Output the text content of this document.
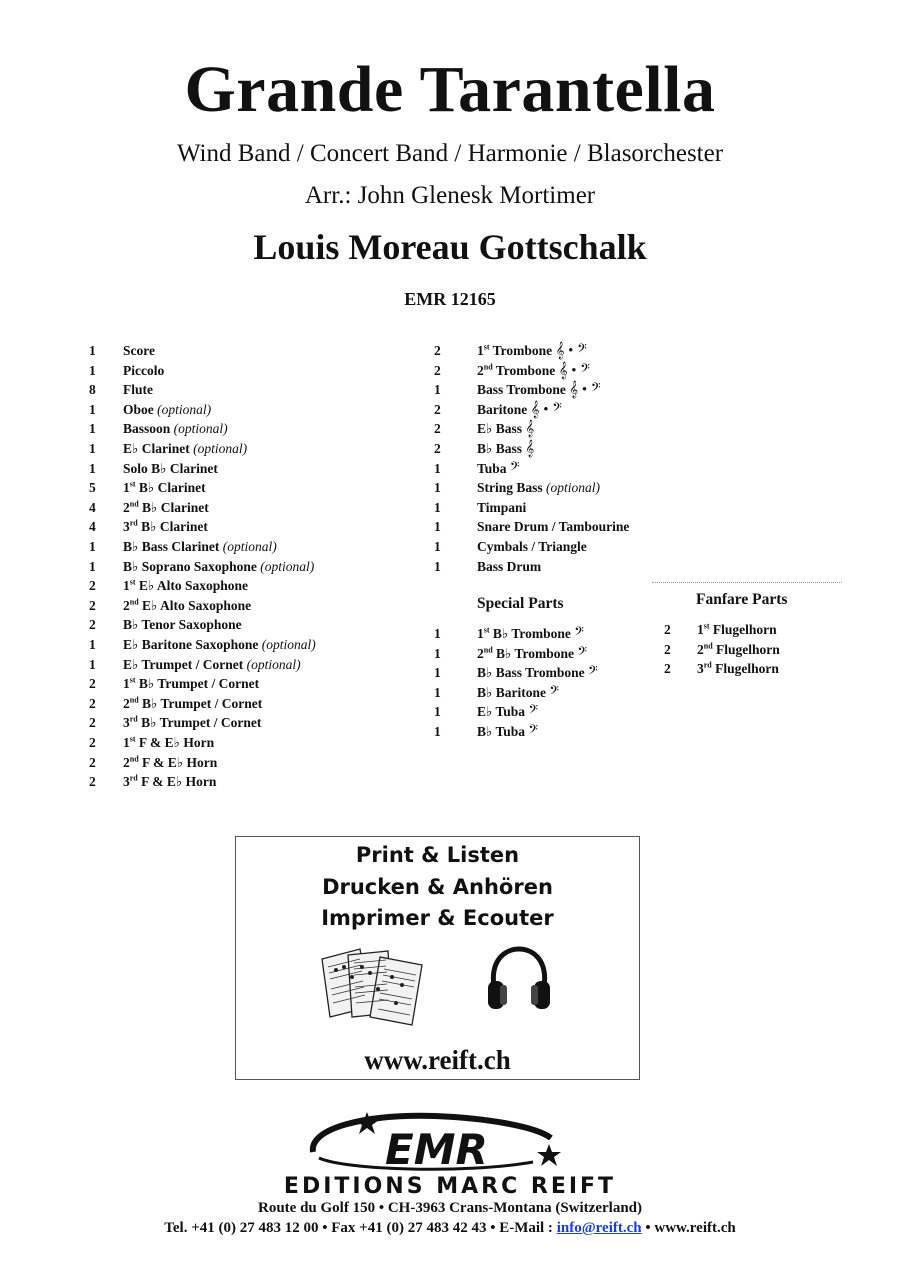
Grande Tarantella
Wind Band / Concert Band / Harmonie / Blasorchester
Arr.: John Glenesk Mortimer
Louis Moreau Gottschalk
EMR 12165
1 Score
1 Piccolo
8 Flute
1 Oboe (optional)
1 Bassoon (optional)
1 E♭ Clarinet (optional)
1 Solo B♭ Clarinet
5 1st B♭ Clarinet
4 2nd B♭ Clarinet
4 3rd B♭ Clarinet
1 B♭ Bass Clarinet (optional)
1 B♭ Soprano Saxophone (optional)
2 1st E♭ Alto Saxophone
2 2nd E♭ Alto Saxophone
2 B♭ Tenor Saxophone
1 E♭ Baritone Saxophone (optional)
1 E♭ Trumpet / Cornet (optional)
2 1st B♭ Trumpet / Cornet
2 2nd B♭ Trumpet / Cornet
2 3rd B♭ Trumpet / Cornet
2 1st F & E♭ Horn
2 2nd F & E♭ Horn
2 3rd F & E♭ Horn
2	1st Trombone 𝄞 • 𝄢
2	2nd Trombone 𝄞 • 𝄢
1	Bass Trombone 𝄞 • 𝄢
2	Baritone 𝄞 • 𝄢
2	E♭ Bass 𝄞
2	B♭ Bass 𝄞
1	Tuba 𝄢
1	String Bass (optional)
1	Timpani
1	Snare Drum / Tambourine
1	Cymbals / Triangle
1	Bass Drum
Special Parts
1	1st B♭ Trombone 𝄢
1	2nd B♭ Trombone 𝄢
1	B♭ Bass Trombone 𝄢
1	B♭ Baritone 𝄢
1	E♭ Tuba 𝄢
1	B♭ Tuba 𝄢
Fanfare Parts
2 1st Flugelhorn
2 2nd Flugelhorn
2 3rd Flugelhorn
Print & Listen
Drucken & Anhören
Imprimer & Ecouter
www.reift.ch
EMR
EDITIONS MARC REIFT
Route du Golf 150 • CH-3963 Crans-Montana (Switzerland)
Tel. +41 (0) 27 483 12 00 • Fax +41 (0) 27 483 42 43 • E-Mail : info@reift.ch • www.reift.ch
